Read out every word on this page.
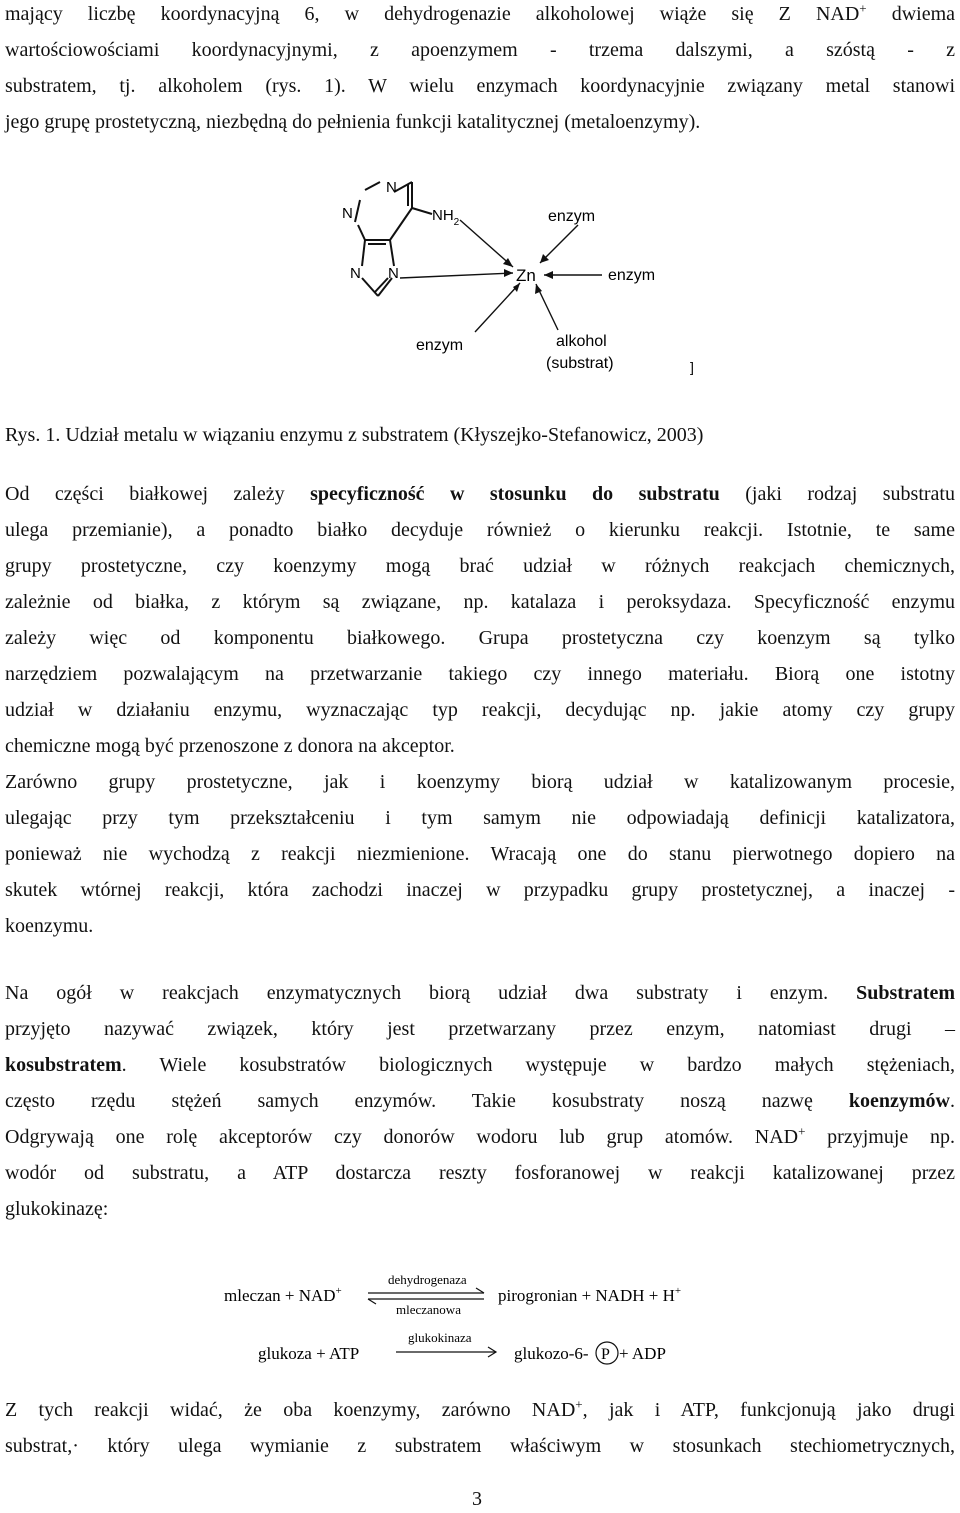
mający liczbę koordynacyjną 6, w dehydrogenazie alkoholowej wiąże się Z NAD+ dwiema
wartościowościami koordynacyjnymi, z apoenzymem - trzema dalszymi, a szóstą - z
substratem, tj. alkoholem (rys. 1). W wielu enzymach koordynacyjnie związany metal stanowi
jego grupę prostetyczną, niezbędną do pełnienia funkcji katalitycznej (metaloenzymy).
N
N
N N
$NH_2$
Zn
enzym
enzym
enzym	alkohol
(substrat)	]
Rys. 1. Udział metalu w wiązaniu enzymu z substratem (Kłyszejko-Stefanowicz, 2003)
Od części białkowej zależy specyficzność w stosunku do substratu (jaki rodzaj substratu
ulega przemianie), a ponadto białko decyduje również o kierunku reakcji. Istotnie, te same
grupy prostetyczne, czy koenzymy mogą brać udział w różnych reakcjach chemicznych,
zależnie od białka, z którym są związane, np. katalaza i peroksydaza. Specyficzność enzymu
zależy więc od komponentu białkowego. Grupa prostetyczna czy koenzym są tylko
narzędziem pozwalającym na przetwarzanie takiego czy innego materiału. Biorą one istotny
udział w działaniu enzymu, wyznaczając typ reakcji, decydując np. jakie atomy czy grupy
chemiczne mogą być przenoszone z donora na akceptor.
Zarówno grupy prostetyczne, jak i koenzymy biorą udział w katalizowanym procesie,
ulegając przy tym przekształceniu i tym samym nie odpowiadają definicji katalizatora,
ponieważ nie wychodzą z reakcji niezmienione. Wracają one do stanu pierwotnego dopiero na
skutek wtórnej reakcji, która zachodzi inaczej w przypadku grupy prostetycznej, a inaczej -
koenzymu.
Na ogół w reakcjach enzymatycznych biorą udział dwa substraty i enzym. Substratem
przyjęto nazywać związek, który jest przetwarzany przez enzym, natomiast drugi –
kosubstratem. Wiele kosubstratów biologicznych występuje w bardzo małych stężeniach,
często rzędu stężeń samych enzymów. Takie kosubstraty noszą nazwę koenzymów.
Odgrywają one rolę akceptorów czy donorów wodoru lub grup atomów. NAD+ przyjmuje np.
wodór od substratu, a ATP dostarcza reszty fosforanowej w reakcji katalizowanej przez
glukokinazę:
mleczan + NAD+
dehydrogenaza
mleczanowa
pirogronian + NADH + H+
glukoza + ATP
glukokinaza
glukozo-6- P + ADP
Z tych reakcji widać, że oba koenzymy, zarówno NAD+, jak i ATP, funkcjonują jako drugi
substrat,· który ulega wymianie z substratem właściwym w stosunkach stechiometrycznych,
3
